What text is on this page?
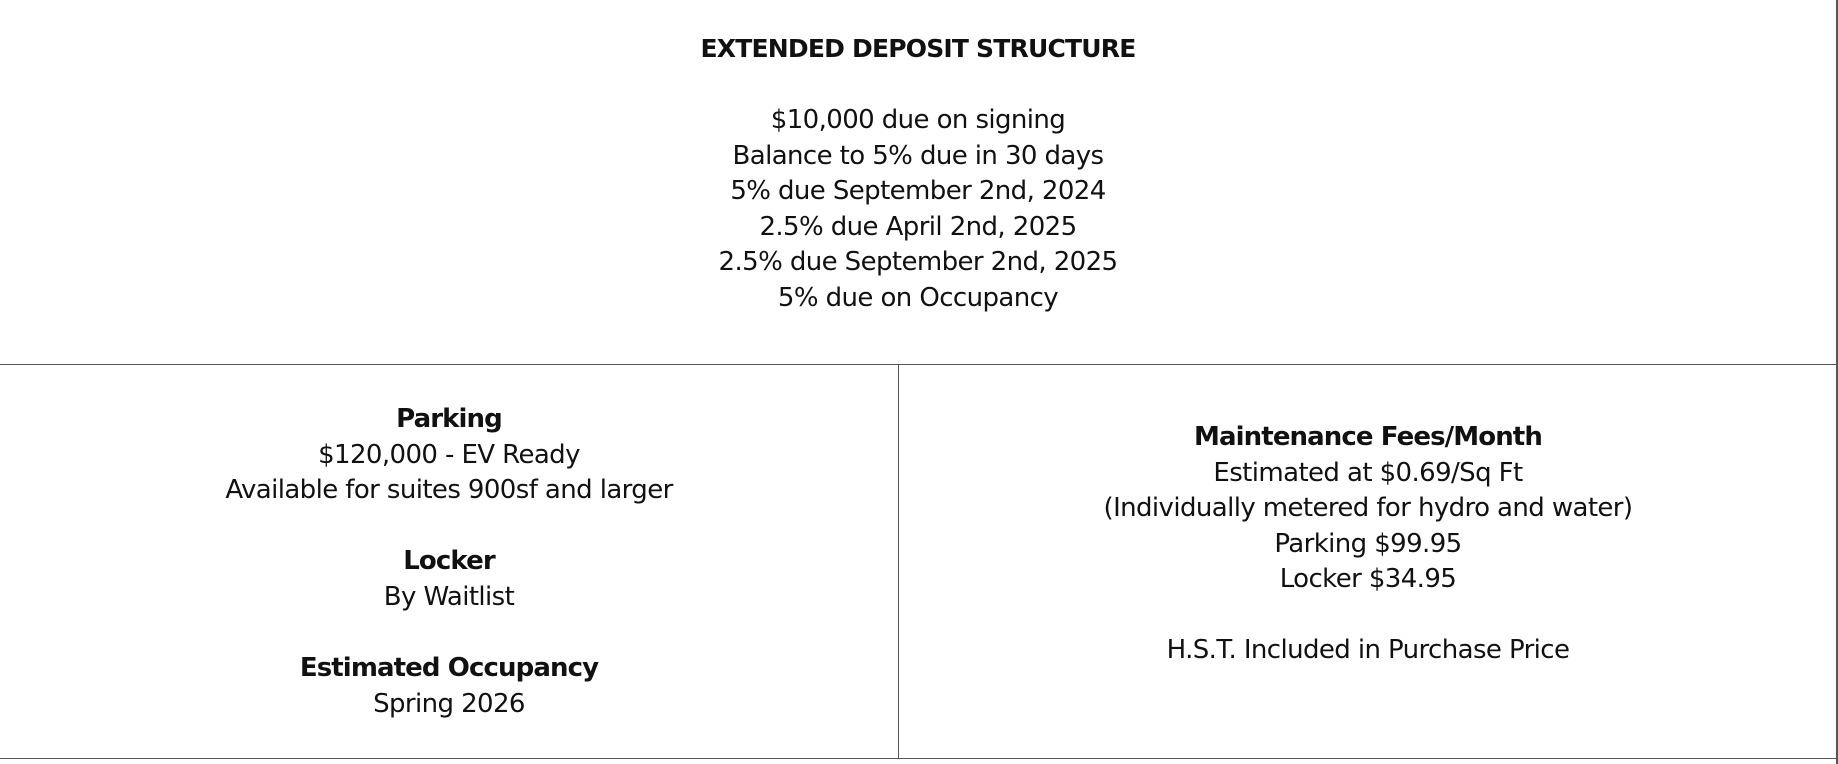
EXTENDED DEPOSIT STRUCTURE
$10,000 due on signing
Balance to 5% due in 30 days
5% due September 2nd, 2024
2.5% due April 2nd, 2025
2.5% due September 2nd, 2025
5% due on Occupancy
Parking
$120,000 - EV Ready
Available for suites 900sf and larger
Locker
By Waitlist
Estimated Occupancy
Spring 2026
Maintenance Fees/Month
Estimated at $0.69/Sq Ft
(Individually metered for hydro and water)
Parking $99.95
Locker $34.95
H.S.T. Included in Purchase Price
